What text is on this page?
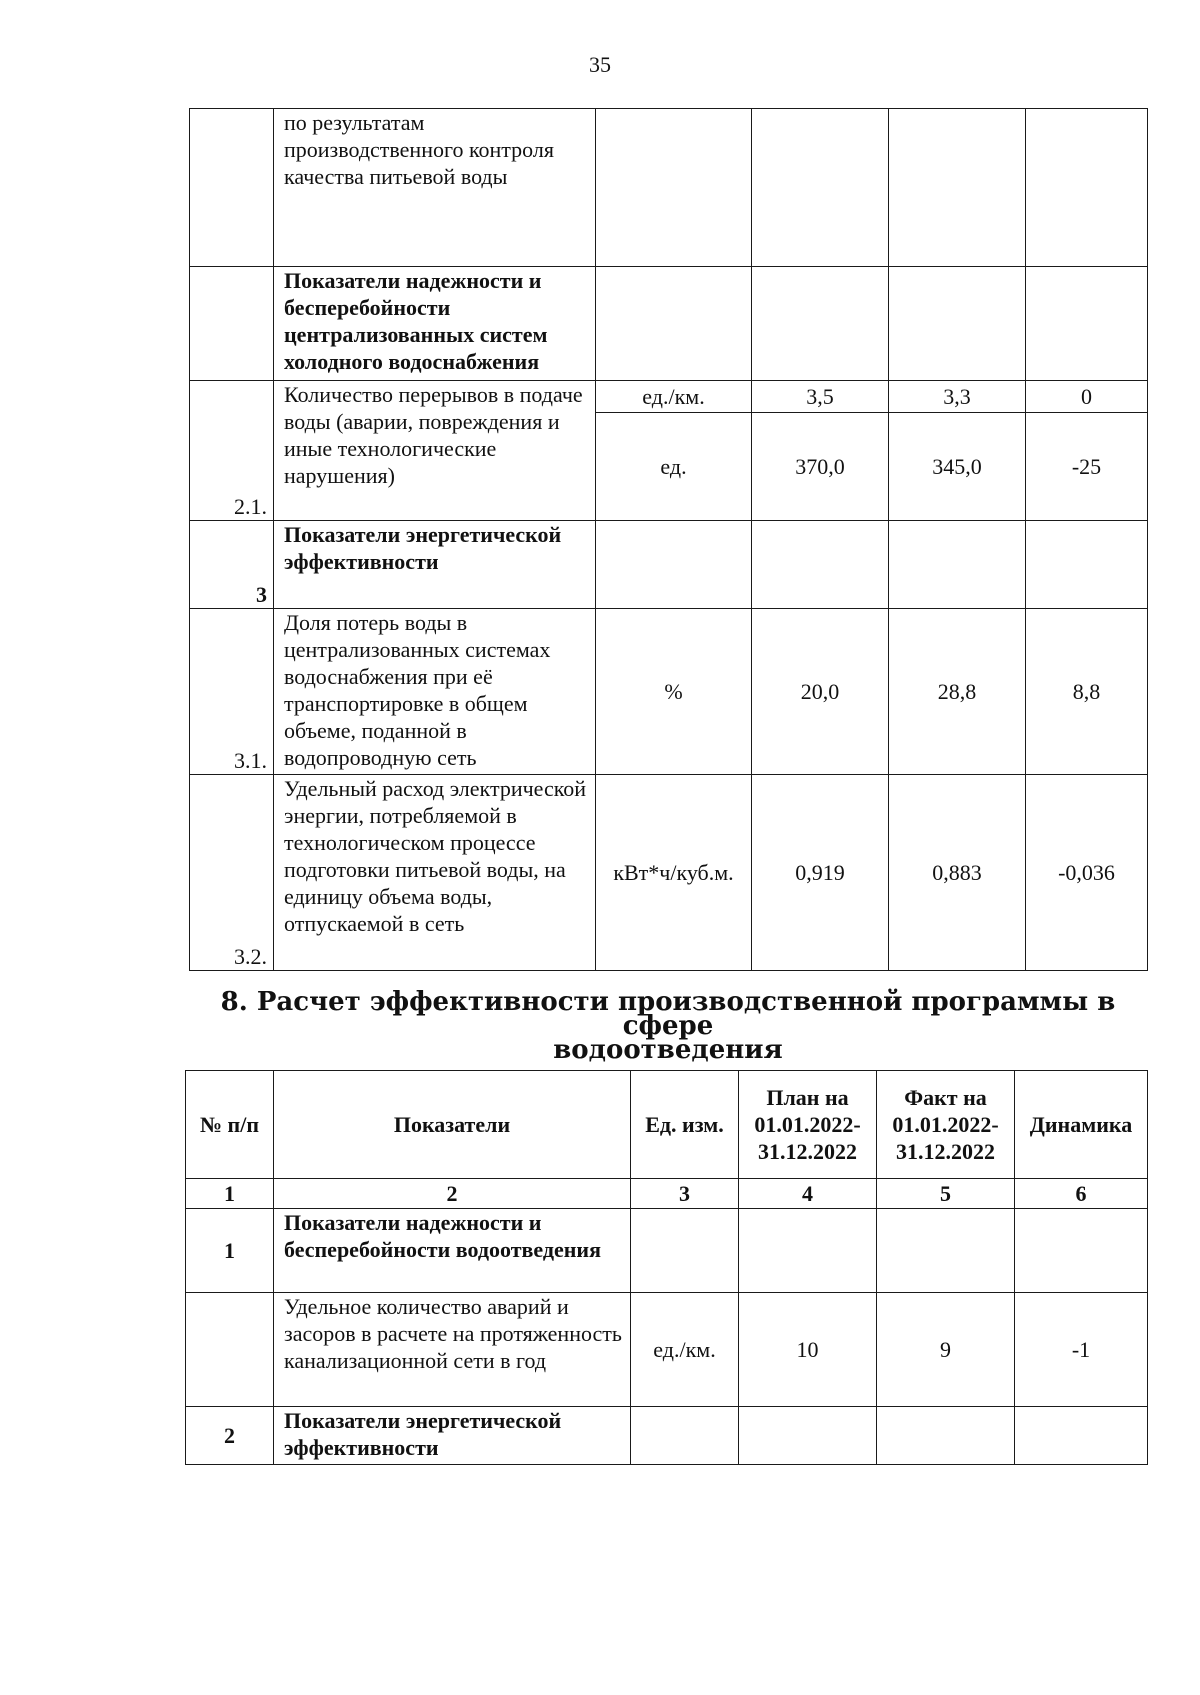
35
	по результатам производственного контроля качества питьевой воды				
	Показатели надежности и бесперебойности централизованных систем холодного водоснабжения				
2.1.	Количество перерывов в подаче воды (аварии, повреждения и иные технологические нарушения)	ед./км.	3,5	3,3	0
		ед.	370,0	345,0	-25
3	Показатели энергетической эффективности				
3.1.	Доля потерь воды в централизованных системах водоснабжения при её транспортировке в общем объеме, поданной в водопроводную сеть	%	20,0	28,8	8,8
3.2.	Удельный расход электрической энергии, потребляемой в технологическом процессе подготовки питьевой воды, на единицу объема воды, отпускаемой в сеть	кВт*ч/куб.м.	0,919	0,883	-0,036
8. Расчет эффективности производственной программы в сфере
водоотведения
№ п/п	Показатели	Ед. изм.	План на 01.01.2022-31.12.2022	Факт на 01.01.2022-31.12.2022	Динамика
1	2	3	4	5	6
1	Показатели надежности и бесперебойности водоотведения				
	Удельное количество аварий и засоров в расчете на протяженность канализационной сети в год	ед./км.	10	9	-1
2	Показатели энергетической эффективности				
